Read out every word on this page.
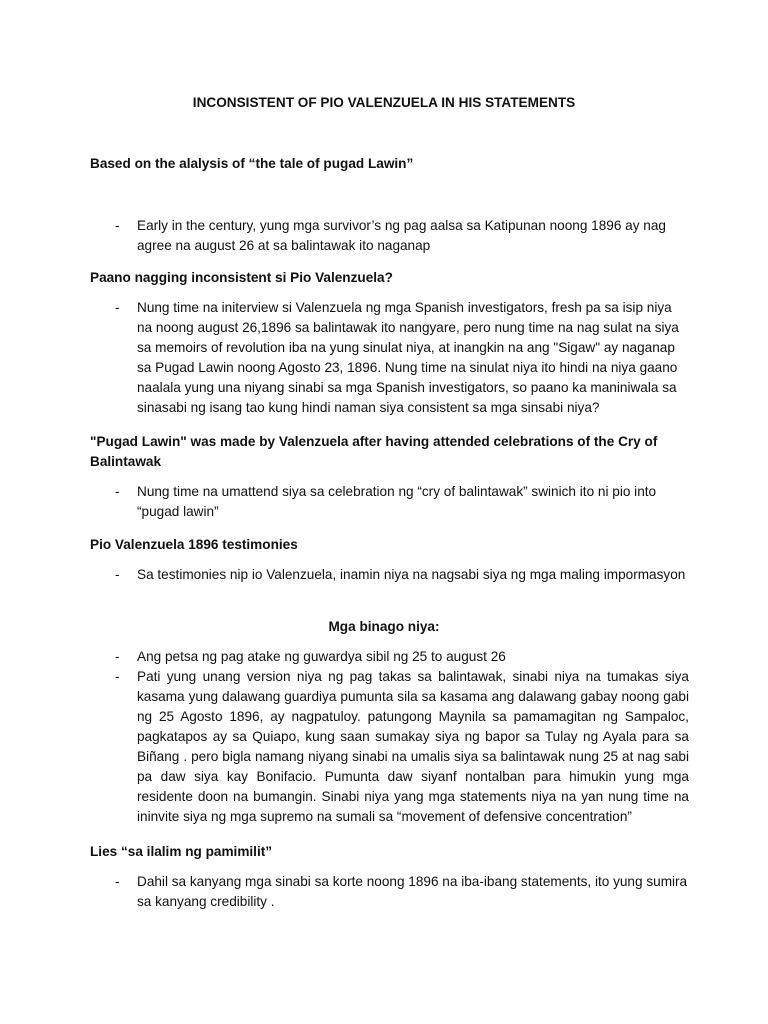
INCONSISTENT OF PIO VALENZUELA IN HIS STATEMENTS
Based on the alalysis of “the tale of pugad Lawin”
- Early in the century, yung mga survivor’s ng pag aalsa sa Katipunan noong 1896 ay nag agree na august 26 at sa balintawak ito naganap
Paano nagging inconsistent si Pio Valenzuela?
- Nung time na initerview si Valenzuela ng mga Spanish investigators, fresh pa sa isip niya na noong august 26,1896 sa balintawak ito nangyare, pero nung time na nag sulat na siya sa memoirs of revolution iba na yung sinulat niya, at inangkin na ang "Sigaw" ay naganap sa Pugad Lawin noong Agosto 23, 1896. Nung time na sinulat niya ito hindi na niya gaano naalala yung una niyang sinabi sa mga Spanish investigators, so paano ka maniniwala sa sinasabi ng isang tao kung hindi naman siya consistent sa mga sinsabi niya?
"Pugad Lawin" was made by Valenzuela after having attended celebrations of the Cry of Balintawak
- Nung time na umattend siya sa celebration ng “cry of balintawak” swinich ito ni pio into “pugad lawin”
Pio Valenzuela 1896 testimonies
- Sa testimonies nip io Valenzuela, inamin niya na nagsabi siya ng mga maling impormasyon
Mga binago niya:
- Ang petsa ng pag atake ng guwardya sibil ng 25 to august 26
- Pati yung unang version niya ng pag takas sa balintawak, sinabi niya na tumakas siya kasama yung dalawang guardiya pumunta sila sa kasama ang dalawang gabay noong gabi ng 25 Agosto 1896, ay nagpatuloy. patungong Maynila sa pamamagitan ng Sampaloc, pagkatapos ay sa Quiapo, kung saan sumakay siya ng bapor sa Tulay ng Ayala para sa Biñang . pero bigla namang niyang sinabi na umalis siya sa balintawak nung 25 at nag sabi pa daw siya kay Bonifacio. Pumunta daw siyanf nontalban para himukin yung mga residente doon na bumangin. Sinabi niya yang mga statements niya na yan nung time na ininvite siya ng mga supremo na sumali sa “movement of defensive concentration”
Lies “sa ilalim ng pamimilit”
- Dahil sa kanyang mga sinabi sa korte noong 1896 na iba-ibang statements, ito yung sumira sa kanyang credibility .
